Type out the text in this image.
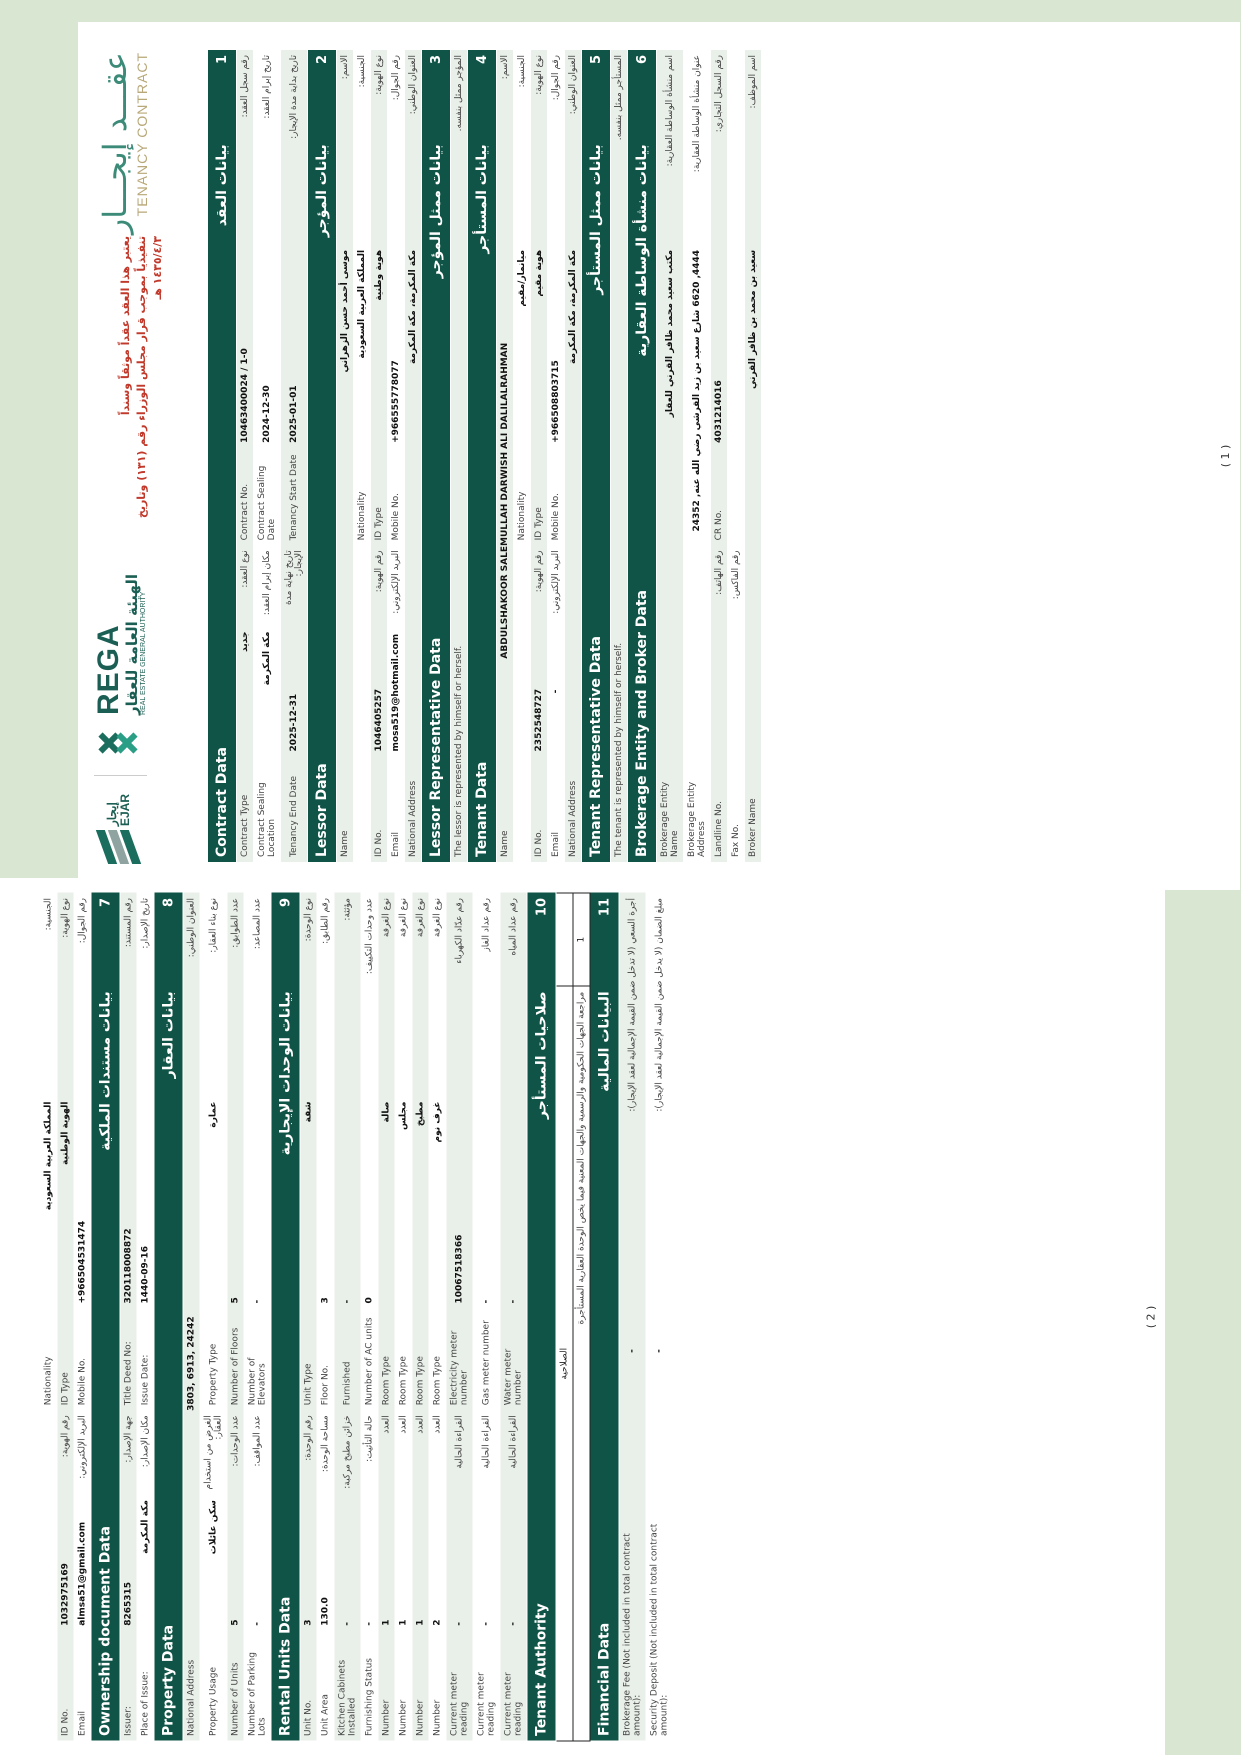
إيجار
EJAR
REGA
الهيئة العامة للعقار REAL ESTATE GENERAL AUTHORITY
يعتبر هذا العقد عقداً موثقاً وسنداً
تنفيذياً بموجب قرار مجلس الوزراء رقم (١٣١) وتاريخ ١٤٣٥/٤/٣ هـ
عقـــد إيجـــار TENANCY CONTRACT
Contract Data				بيانات العقد		1
Contract Type	جديد	نوع العقد:	Contract No.	10463400024 / 1-0	رقم سجل العقد:	
Contract Sealing Location	مكة المكرمة	مكان إبرام العقد:	Contract Sealing Date	2024-12-30	تاريخ إبرام العقد:	
Tenancy End Date	2025-12-31	تاريخ نهاية مدة الإيجار:	Tenancy Start Date	2025-01-01	تاريخ بداية مدة الإيجار:	
Lessor Data				بيانات المؤجر		2
Name	موسى أحمد حسن الزهراني				الاسم:	
			Nationality	المملكة العربية السعودية	الجنسية:	
ID No.	1046405257	رقم الهوية:	ID Type	هوية وطنية	نوع الهوية:	
Email	mosa519@hotmail.com	البريد الإلكتروني:	Mobile No.	+966555778077	رقم الجوال:	
National Address	مكة المكرمة، مكة المكرمة				العنوان الوطني:	
Lessor Representative Data				بيانات ممثل المؤجر		3
The lessor is represented by himself or herself.				المؤجر ممثل بنفسه.		
Tenant Data				بيانات المستأجر		4
Name	ABDULSHAKOOR SALEMULLAH DARWISH ALI DALILALRAHMAN				الاسم:	
			Nationality	ميانمار/مقيم	الجنسية:	
ID No.	2352548727	رقم الهوية:	ID Type	هوية مقيم	نوع الهوية:	
Email	-	البريد الإلكتروني:	Mobile No.	+966508803715	رقم الجوال:	
National Address	مكة المكرمة، مكة المكرمة				العنوان الوطني:	
Tenant Representative Data				بيانات ممثل المستأجر		5
The tenant is represented by himself or herself.				المستأجر ممثل بنفسه.		
Brokerage Entity and Broker Data				بيانات منشأة الوساطة العقارية		6
Brokerage Entity Name	مكتب سعيد محمد ظافر القرني للعقار				اسم منشأة الوساطة العقارية:	
Brokerage Entity Address	4444, 6620 شارع سعيد بن زيد القرشي رضي الله عنه, 24352				عنوان منشأة الوساطة العقارية:	
Landline No.		رقم الهاتف:	CR No.	4031214016	رقم السجل التجاري:	
Fax No.		رقم الفاكس:				
Broker Name	سعيد بن محمد بن ظافر القرني				اسم الموظف:	
( 1 )
			Nationality	المملكة العربية السعودية		الجنسية:	
ID No.	1032975169	رقم الهوية:	ID Type	الهوية الوطنية		نوع الهوية:	
Email	almsa51@gmail.com	البريد الإلكتروني:	Mobile No.	+966504531474		رقم الجوال:	
Ownership document Data				بيانات مستندات الملكية			7
Issuer:	8265315	جهة الإصدار:	Title Deed No:	320118008872		رقم المستند:	
Place of Issue:	مكة المكرمة	مكان الإصدار:	Issue Date:	1440-09-16		تاريخ الإصدار:	
Property Data				بيانات العقار			8
National Address	3803, 6913, 24242					العنوان الوطني:	
Property Usage	سكن عائلات	الغرض من استخدام العقار:	Property Type	عمارة		نوع بناء العقار:	
Number of Units	5	عدد الوحدات:	Number of Floors	5		عدد الطوابق:	
Number of Parking Lots	-	عدد المواقف:	Number of Elevators	-		عدد المصاعد:	
Rental Units Data				بيانات الوحدات الإيجارية			9
Unit No.	3	رقم الوحدة:	Unit Type	شقة		نوع الوحدة:	
Unit Area	130.0	مساحة الوحدة:	Floor No.	3		رقم الطابق:	
Kitchen Cabinets Installed	-	خزائن مطبخ مركبة:	Furnished	-		مؤثثة:	
Furnishing Status	-	حالة التأثيث:	Number of AC units	0		عدد وحدات التكييف:	
Number	1	العدد	Room Type	صالة		نوع الغرفة	
Number	1	العدد	Room Type	مجلس		نوع الغرفة	
Number	1	العدد	Room Type	مطبخ		نوع الغرفة	
Number	2	العدد	Room Type	غرف نوم		نوع الغرفة	
Current meter reading	-	القراءة الحالية	Electricity meter number	10067518366		رقم عدّاد الكهرباء	
Current meter reading	-	القراءة الحالية	Gas meter number	-		رقم عداد الغاز	
Current meter reading	-	القراءة الحالية	Water meter number	-		رقم عداد المياه	
Tenant Authority				صلاحيات المستأجر			10
الصلاحية							
مراجعة الجهات الحكومية والرسمية والجهات المعنية فيما يخص الوحدة العقارية المستأجرة							1
Financial Data				البيانات المالية			11
Brokerage Fee (Not included in total contract amount):		-			أجرة السعي (لا تدخل ضمن القيمة الإجمالية لعقد الإيجار):		
Security Deposit (Not included in total contract amount):		-			مبلغ الضمان (لا يدخل ضمن القيمة الإجمالية لعقد الإيجار):		
( 2 )
